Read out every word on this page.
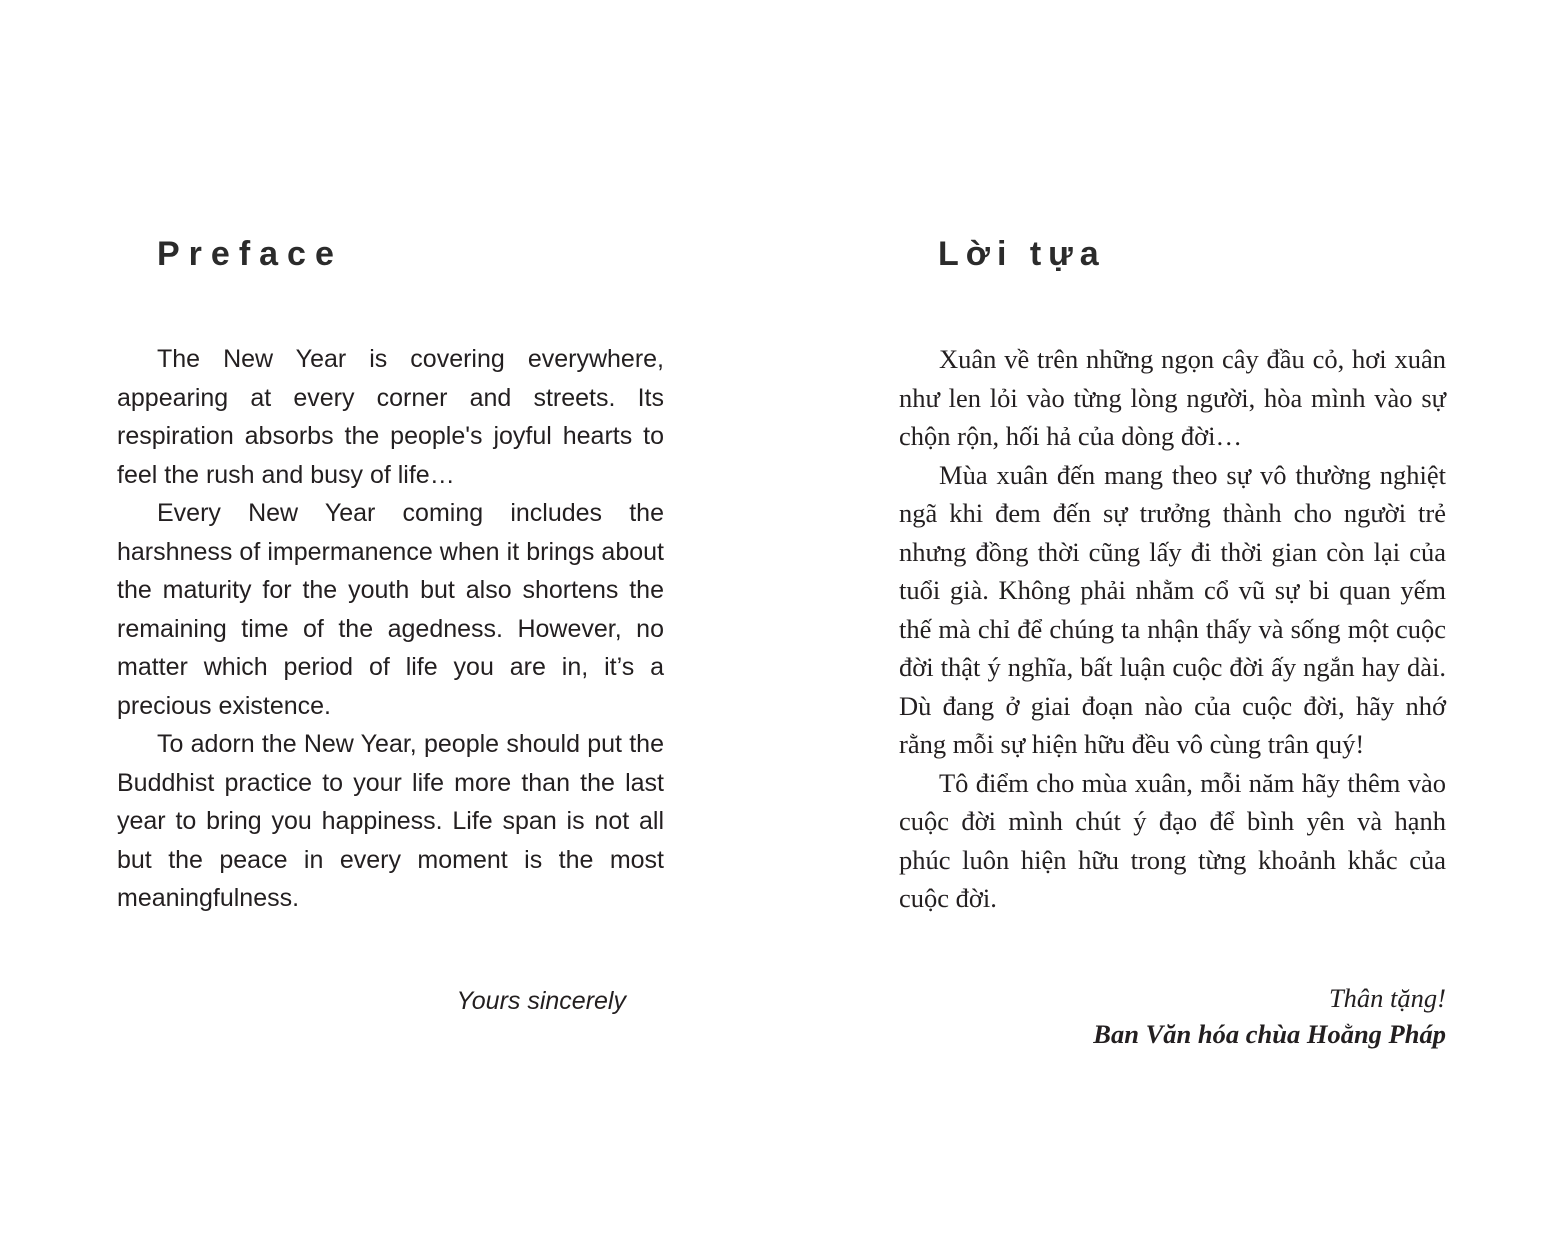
Preface

The New Year is covering everywhere, appearing at every corner and streets. Its respiration absorbs the people's joyful hearts to feel the rush and busy of life…

Every New Year coming includes the harshness of impermanence when it brings about the maturity for the youth but also shortens the remaining time of the agedness. However, no matter which period of life you are in, it’s a precious existence.

To adorn the New Year, people should put the Buddhist practice to your life more than the last year to bring you happiness. Life span is not all but the peace in every moment is the most meaningfulness.

Yours sincerely
Lời tựa

Xuân về trên những ngọn cây đầu cỏ, hơi xuân như len lỏi vào từng lòng người, hòa mình vào sự chộn rộn, hối hả của dòng đời…

Mùa xuân đến mang theo sự vô thường nghiệt ngã khi đem đến sự trưởng thành cho người trẻ nhưng đồng thời cũng lấy đi thời gian còn lại của tuổi già. Không phải nhằm cổ vũ sự bi quan yếm thế mà chỉ để chúng ta nhận thấy và sống một cuộc đời thật ý nghĩa, bất luận cuộc đời ấy ngắn hay dài. Dù đang ở giai đoạn nào của cuộc đời, hãy nhớ rằng mỗi sự hiện hữu đều vô cùng trân quý!

Tô điểm cho mùa xuân, mỗi năm hãy thêm vào cuộc đời mình chút ý đạo để bình yên và hạnh phúc luôn hiện hữu trong từng khoảnh khắc của cuộc đời.

Thân tặng!
Ban Văn hóa chùa Hoằng Pháp
